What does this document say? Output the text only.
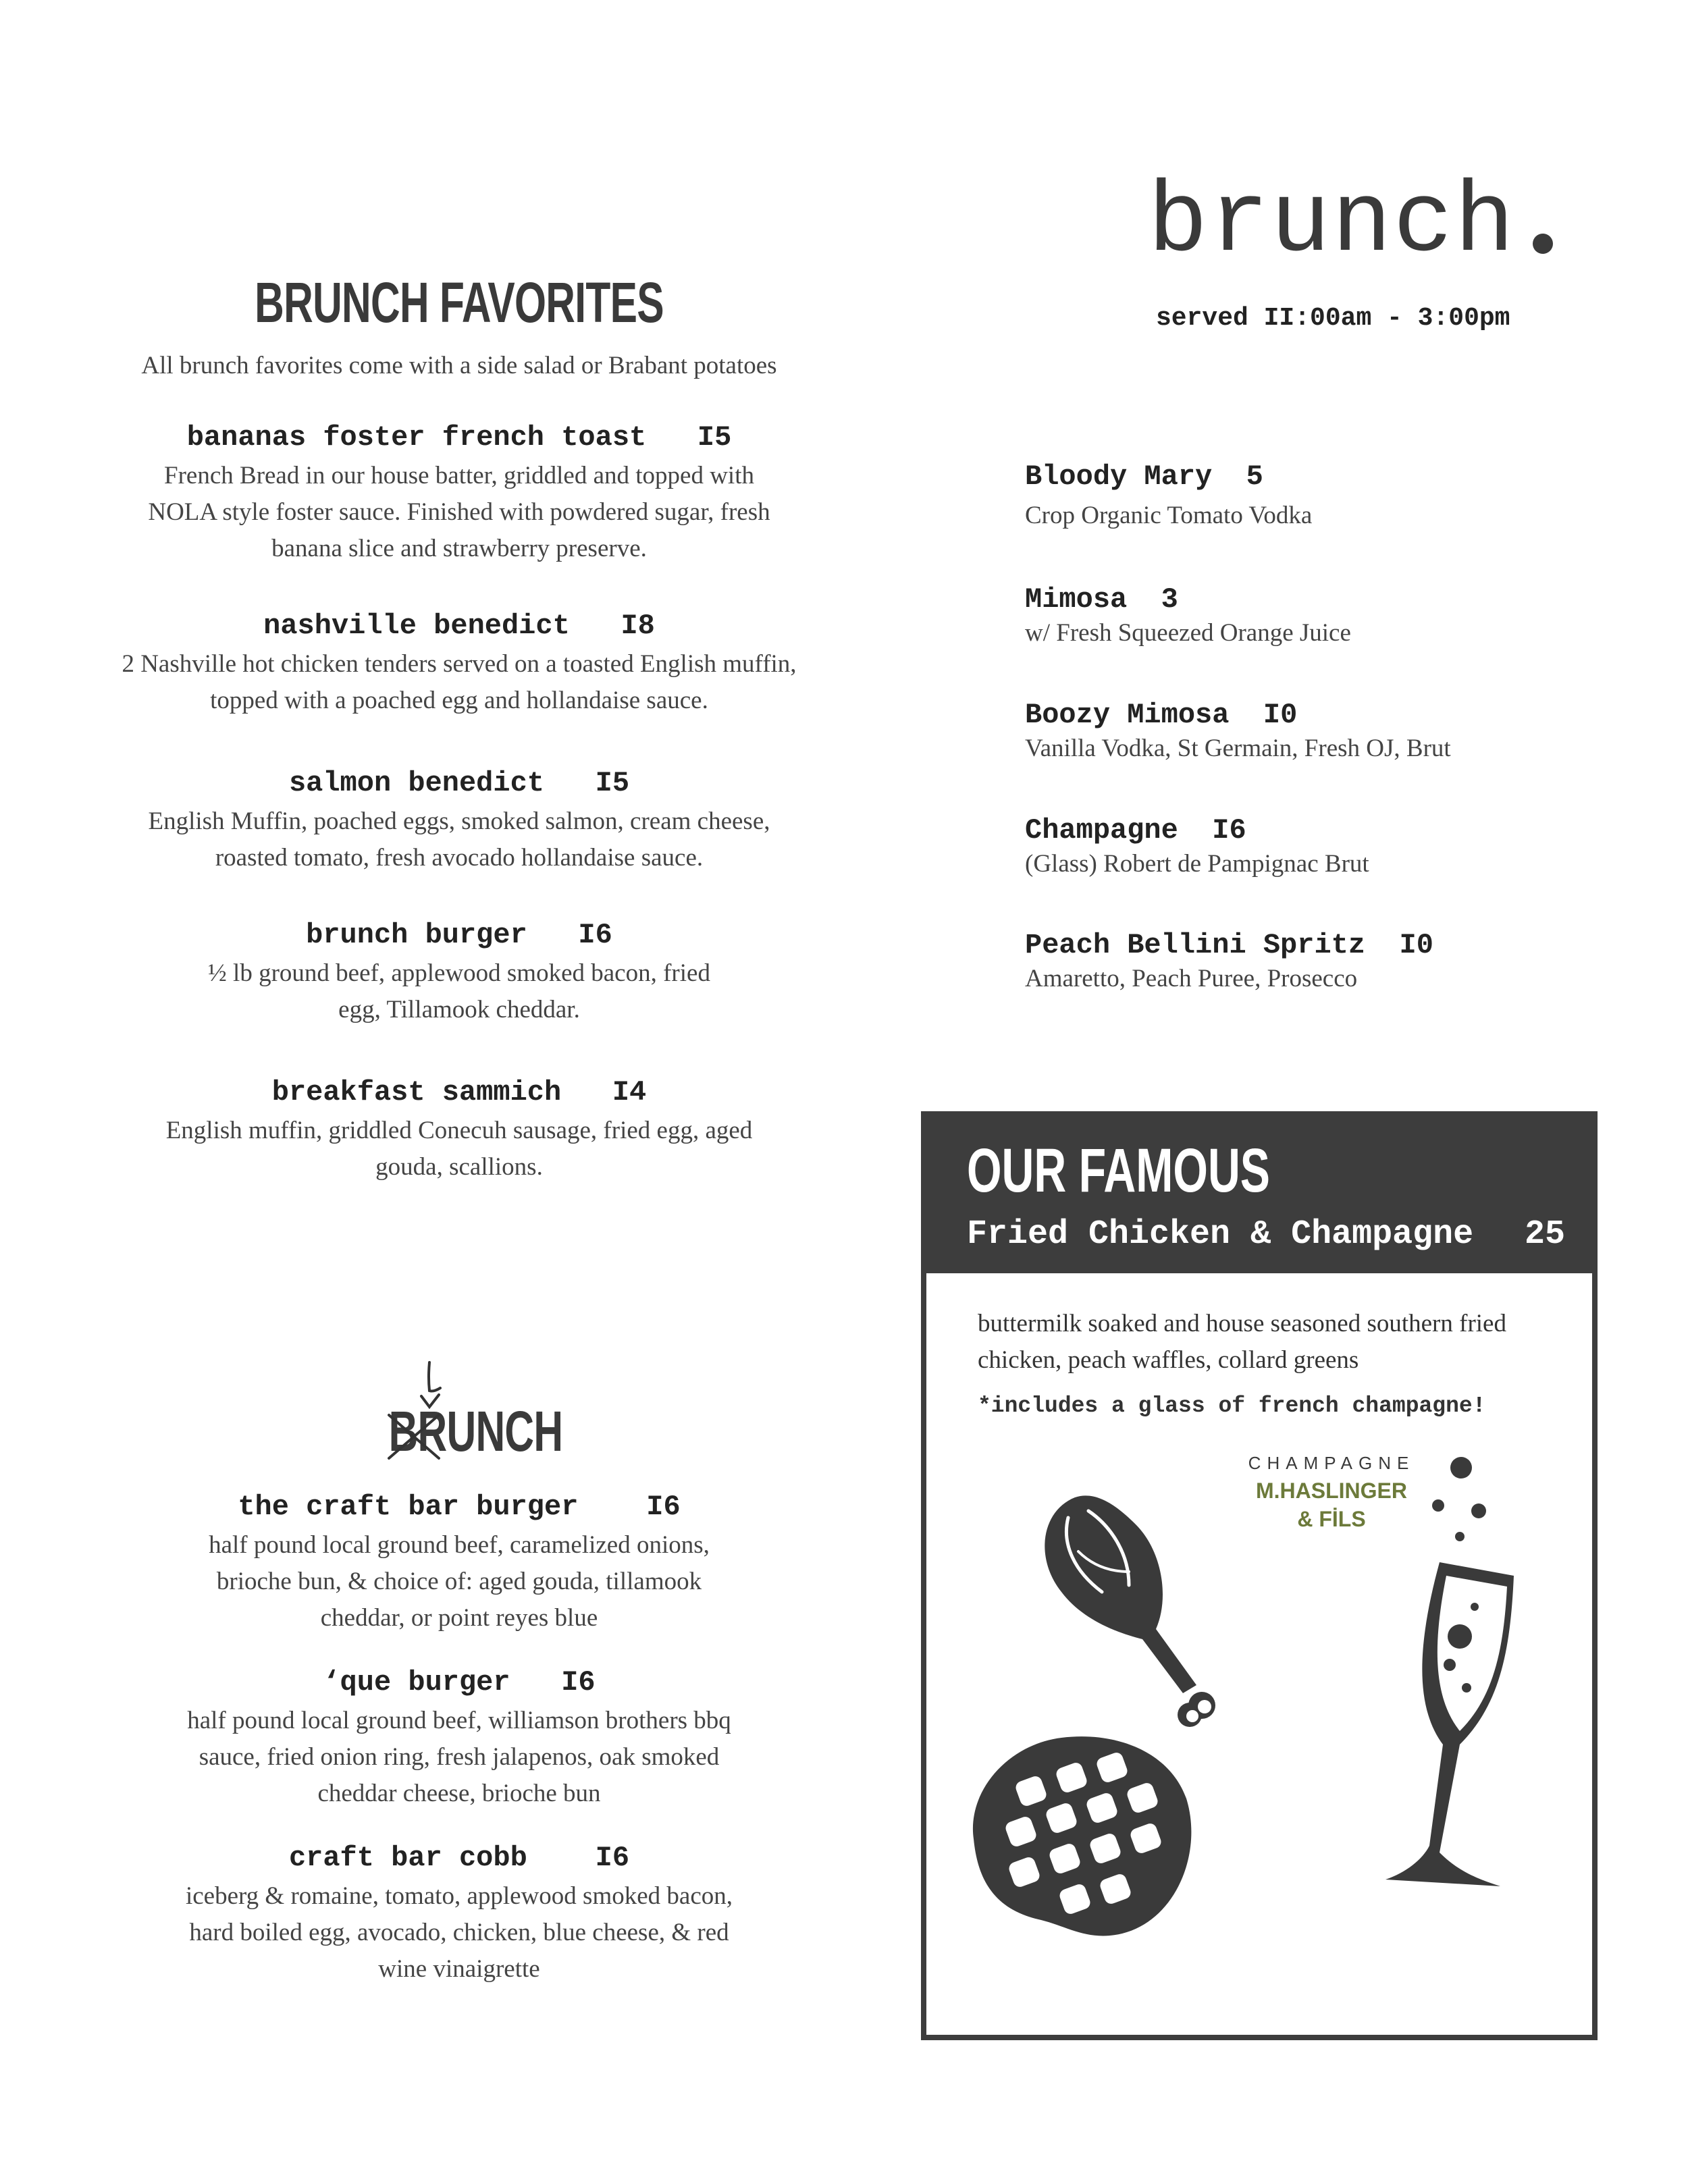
brunch
served II:00am - 3:00pm
BRUNCH FAVORITES
All brunch favorites come with a side salad or Brabant potatoes
bananas foster french toast I5
French Bread in our house batter, griddled and topped with NOLA style foster sauce. Finished with powdered sugar, fresh banana slice and strawberry preserve.
nashville benedict I8
2 Nashville hot chicken tenders served on a toasted English muffin, topped with a poached egg and hollandaise sauce.
salmon benedict I5
English Muffin, poached eggs, smoked salmon, cream cheese, roasted tomato, fresh avocado hollandaise sauce.
brunch burger I6
½ lb ground beef, applewood smoked bacon, fried egg, Tillamook cheddar.
breakfast sammich I4
English muffin, griddled Conecuh sausage, fried egg, aged gouda, scallions.
BRUNCH
the craft bar burger I6
half pound local ground beef, caramelized onions, brioche bun, & choice of: aged gouda, tillamook cheddar, or point reyes blue
‘que burger I6
half pound local ground beef, williamson brothers bbq sauce, fried onion ring, fresh jalapenos, oak smoked cheddar cheese, brioche bun
craft bar cobb I6
iceberg & romaine, tomato, applewood smoked bacon, hard boiled egg, avocado, chicken, blue cheese, & red wine vinaigrette
Bloody Mary 5
Crop Organic Tomato Vodka
Mimosa 3
w/ Fresh Squeezed Orange Juice
Boozy Mimosa I0
Vanilla Vodka, St Germain, Fresh OJ, Brut
Champagne I6
(Glass) Robert de Pampignac Brut
Peach Bellini Spritz I0
Amaretto, Peach Puree, Prosecco
OUR FAMOUS
Fried Chicken & Champagne 25
buttermilk soaked and house seasoned southern fried chicken, peach waffles, collard greens
*includes a glass of french champagne!
CHAMPAGNE
M.HASLINGER
& FİLS
